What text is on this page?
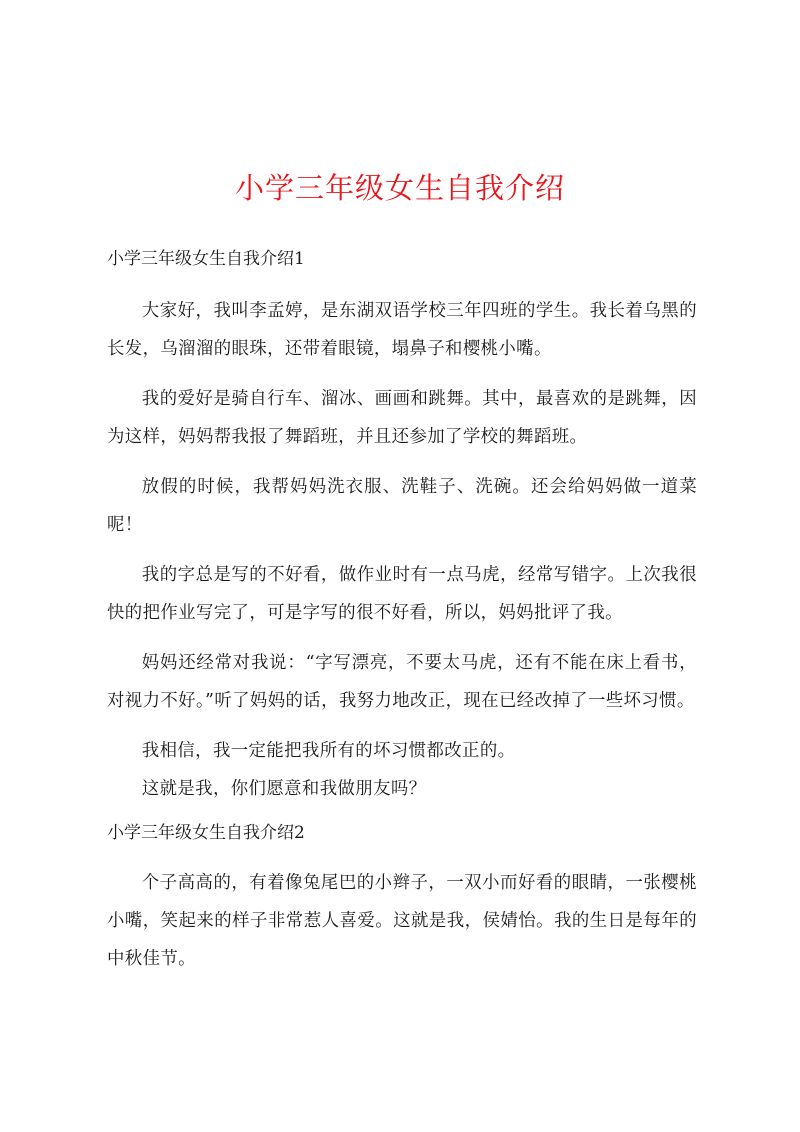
小学三年级女生自我介绍

小学三年级女生自我介绍1

大家好，我叫李孟婷，是东湖双语学校三年四班的学生。我长着乌黑的长发，乌溜溜的眼珠，还带着眼镜，塌鼻子和樱桃小嘴。

我的爱好是骑自行车、溜冰、画画和跳舞。其中，最喜欢的是跳舞，因为这样，妈妈帮我报了舞蹈班，并且还参加了学校的舞蹈班。

放假的时候，我帮妈妈洗衣服、洗鞋子、洗碗。还会给妈妈做一道菜呢！

我的字总是写的不好看，做作业时有一点马虎，经常写错字。上次我很快的把作业写完了，可是字写的很不好看，所以，妈妈批评了我。

妈妈还经常对我说：“字写漂亮，不要太马虎，还有不能在床上看书，对视力不好。”听了妈妈的话，我努力地改正，现在已经改掉了一些坏习惯。

我相信，我一定能把我所有的坏习惯都改正的。

这就是我，你们愿意和我做朋友吗？

小学三年级女生自我介绍2

个子高高的，有着像兔尾巴的小辫子，一双小而好看的眼睛，一张樱桃小嘴，笑起来的样子非常惹人喜爱。这就是我，侯婧怡。我的生日是每年的中秋佳节。
